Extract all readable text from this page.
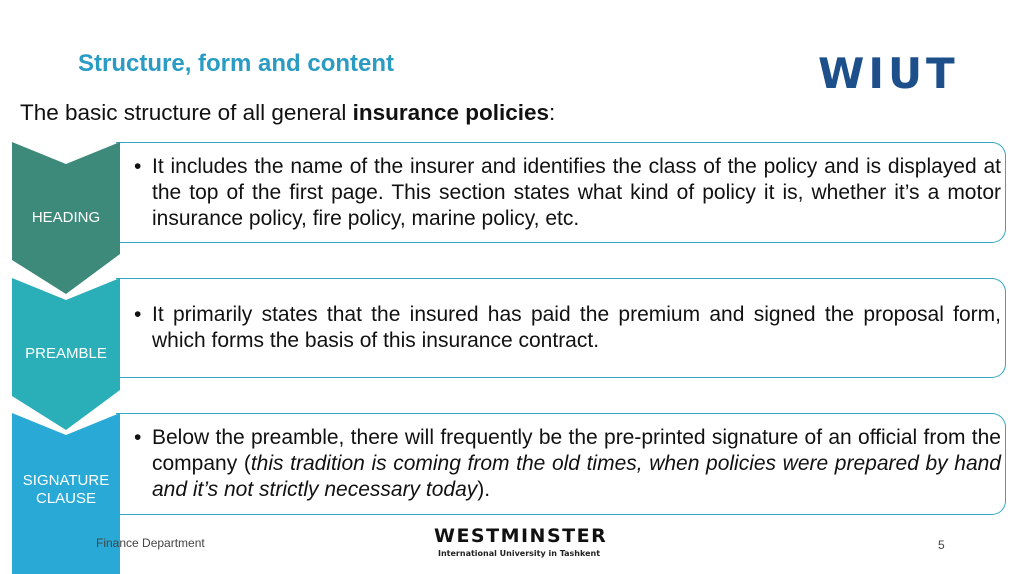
Structure, form and content	WIUT
The basic structure of all general insurance policies:
• It includes the name of the insurer and identifies the class of the policy and is displayed at the top of the first page. This section states what kind of policy it is, whether it’s a motor insurance policy, fire policy, marine policy, etc.
HEADING
• It primarily states that the insured has paid the premium and signed the proposal form, which forms the basis of this insurance contract.
PREAMBLE
• Below the preamble, there will frequently be the pre-printed signature of an official from the company (this tradition is coming from the old times, when policies were prepared by hand and it’s not strictly necessary today).
SIGNATURE
CLAUSE
Finance Department	WESTMINSTER
International University in Tashkent
5
